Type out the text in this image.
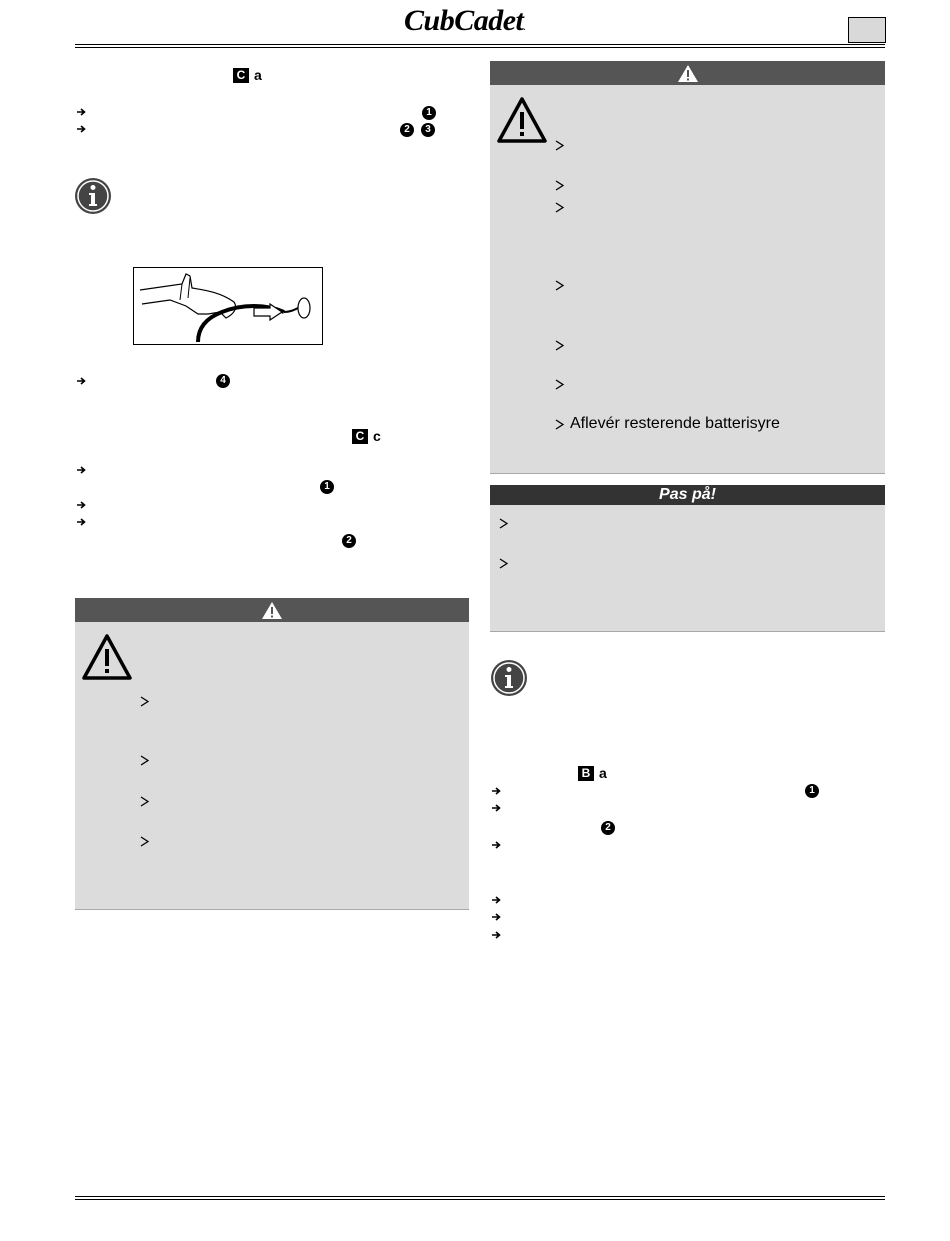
CubCadet.
C a
1
2	3
4
C c
1
2
Aflevér resterende batterisyre
Pas på!
B a
1
2
